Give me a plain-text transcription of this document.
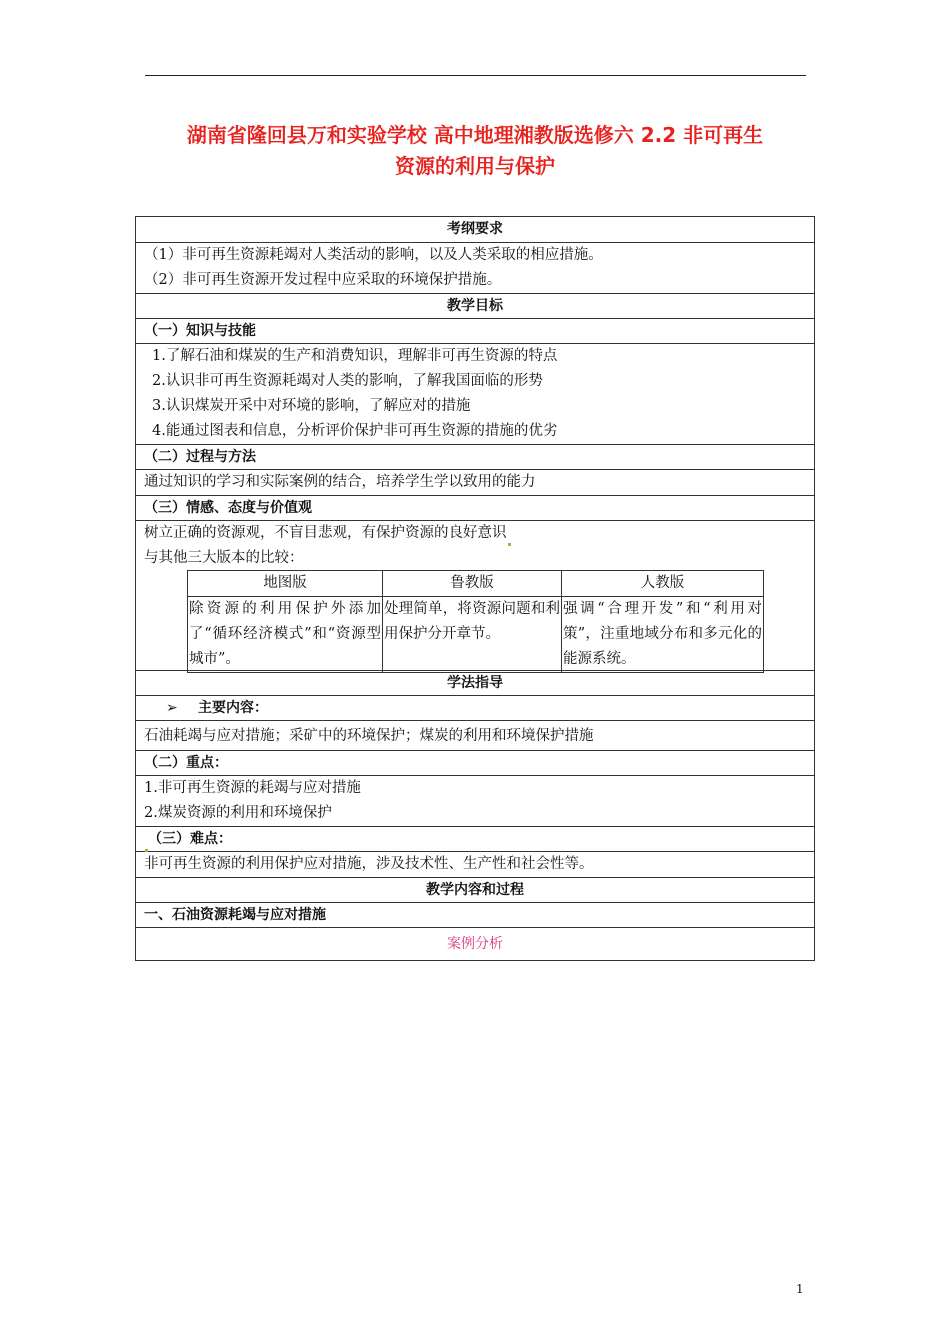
湖南省隆回县万和实验学校 高中地理湘教版选修六 2.2 非可再生
资源的利用与保护
考纲要求
（1）非可再生资源耗竭对人类活动的影响，以及人类采取的相应措施。
（2）非可再生资源开发过程中应采取的环境保护措施。
教学目标
（一）知识与技能
1.了解石油和煤炭的生产和消费知识，理解非可再生资源的特点
2.认识非可再生资源耗竭对人类的影响，了解我国面临的形势
3.认识煤炭开采中对环境的影响，了解应对的措施
4.能通过图表和信息，分析评价保护非可再生资源的措施的优劣
（二）过程与方法
通过知识的学习和实际案例的结合，培养学生学以致用的能力
（三）情感、态度与价值观
树立正确的资源观，不盲目悲观，有保护资源的良好意识
与其他三大版本的比较：
地图版	鲁教版	人教版
除资源的利用保护外添加了“循环经济模式”和“资源型城市”。	处理简单，将资源问题和利用保护分开章节。	强调“合理开发”和“利用对策”，注重地域分布和多元化的能源系统。
学法指导
➢ 主要内容：
石油耗竭与应对措施；采矿中的环境保护；煤炭的利用和环境保护措施
（二）重点：
1.非可再生资源的耗竭与应对措施
2.煤炭资源的利用和环境保护
（三）难点：
非可再生资源的利用保护应对措施，涉及技术性、生产性和社会性等。
教学内容和过程
一、石油资源耗竭与应对措施
案例分析
1
